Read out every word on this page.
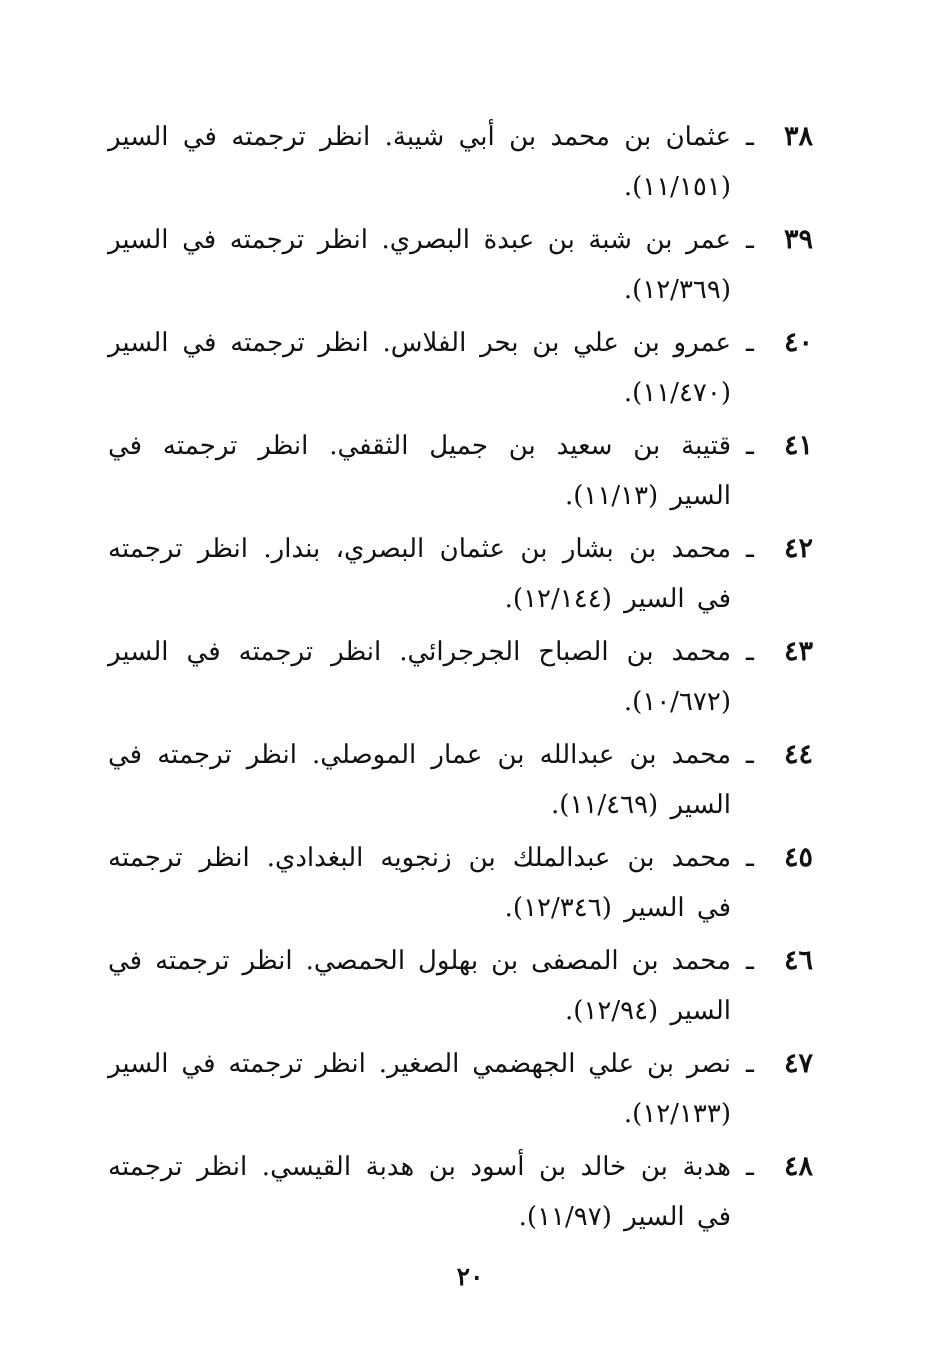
٣٨
ـ
عثمان بن محمد بن أبي شيبة. انظر ترجمته في السير (١١/١٥١).
٣٩
ـ
عمر بن شبة بن عبدة البصري. انظر ترجمته في السير (١٢/٣٦٩).
٤٠
ـ
عمرو بن علي بن بحر الفلاس. انظر ترجمته في السير (١١/٤٧٠).
٤١
ـ
قتيبة بن سعيد بن جميل الثقفي. انظر ترجمته في السير (١١/١٣).
٤٢
ـ
محمد بن بشار بن عثمان البصري، بندار. انظر ترجمته في السير (١٢/١٤٤).
٤٣
ـ
محمد بن الصباح الجرجرائي. انظر ترجمته في السير (١٠/٦٧٢).
٤٤
ـ
محمد بن عبدالله بن عمار الموصلي. انظر ترجمته في السير (١١/٤٦٩).
٤٥
ـ
محمد بن عبدالملك بن زنجويه البغدادي. انظر ترجمته في السير (١٢/٣٤٦).
٤٦
ـ
محمد بن المصفى بن بهلول الحمصي. انظر ترجمته في السير (١٢/٩٤).
٤٧
ـ
نصر بن علي الجهضمي الصغير. انظر ترجمته في السير (١٢/١٣٣).
٤٨
ـ
هدبة بن خالد بن أسود بن هدبة القيسي. انظر ترجمته في السير (١١/٩٧).
٢٠
